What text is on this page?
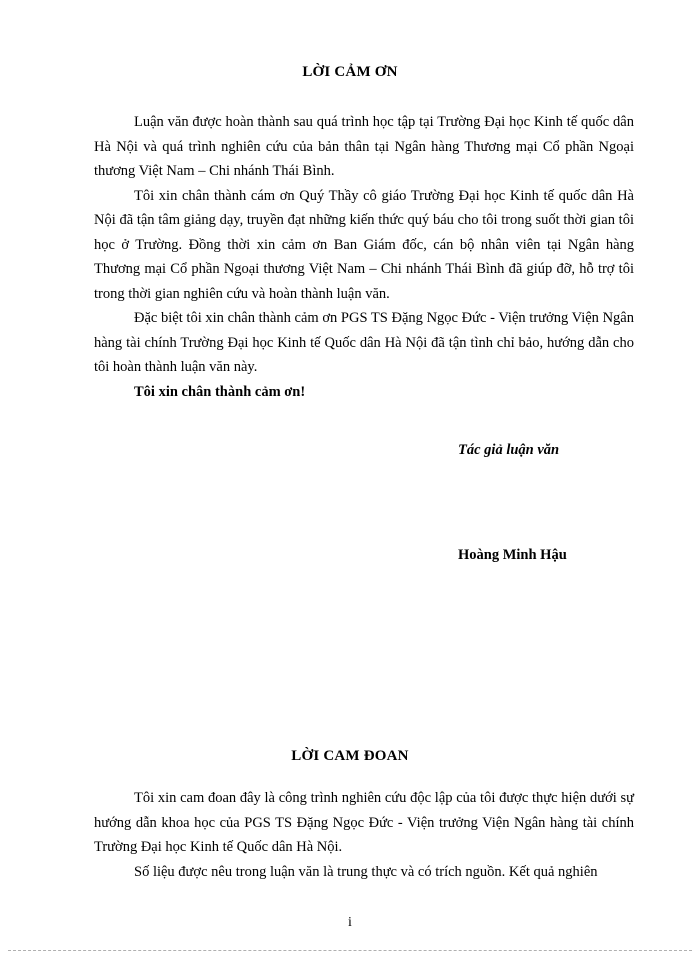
LỜI CẢM ƠN

Luận văn được hoàn thành sau quá trình học tập tại Trường Đại học Kinh tế quốc dân Hà Nội và quá trình nghiên cứu của bản thân tại Ngân hàng Thương mại Cổ phần Ngoại thương Việt Nam – Chi nhánh Thái Bình.

Tôi xin chân thành cám ơn Quý Thầy cô giáo Trường Đại học Kinh tế quốc dân Hà Nội đã tận tâm giảng dạy, truyền đạt những kiến thức quý báu cho tôi trong suốt thời gian tôi học ở Trường. Đồng thời xin cảm ơn Ban Giám đốc, cán bộ nhân viên tại Ngân hàng Thương mại Cổ phần Ngoại thương Việt Nam – Chi nhánh Thái Bình đã giúp đỡ, hỗ trợ tôi trong thời gian nghiên cứu và hoàn thành luận văn.

Đặc biệt tôi xin chân thành cảm ơn PGS TS Đặng Ngọc Đức - Viện trưởng Viện Ngân hàng tài chính Trường Đại học Kinh tế Quốc dân Hà Nội đã tận tình chỉ bảo, hướng dẫn cho tôi hoàn thành luận văn này.

Tôi xin chân thành cảm ơn!

Tác giả luận văn
Hoàng Minh Hậu
LỜI CAM ĐOAN

Tôi xin cam đoan đây là công trình nghiên cứu độc lập của tôi được thực hiện dưới sự hướng dẫn khoa học của PGS TS Đặng Ngọc Đức - Viện trưởng Viện Ngân hàng tài chính Trường Đại học Kinh tế Quốc dân Hà Nội.

Số liệu được nêu trong luận văn là trung thực và có trích nguồn. Kết quả nghiên

i
